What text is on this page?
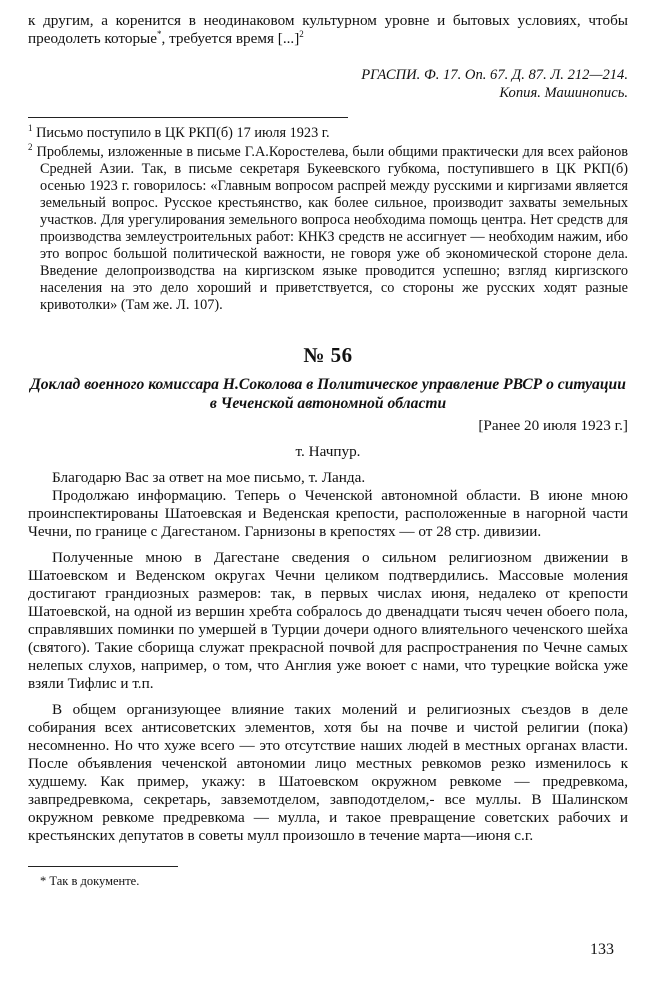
к другим, а коренится в неодинаковом культурном уровне и бытовых условиях, чтобы преодолеть которые*, требуется время [...]$^2$
РГАСПИ. Ф. 17. Оп. 67. Д. 87. Л. 212—214.
Копия. Машинопись.

$^1$ Письмо поступило в ЦК РКП(б) 17 июля 1923 г.

$^2$ Проблемы, изложенные в письме Г.А.Коростелева, были общими практически для всех районов Средней Азии. Так, в письме секретаря Букеевского губкома, поступившего в ЦК РКП(б) осенью 1923 г. говорилось: «Главным вопросом распрей между русскими и киргизами является земельный вопрос. Русское крестьянство, как более сильное, производит захваты земельных участков. Для урегулирования земельного вопроса необходима помощь центра. Нет средств для производства землеустроительных работ: КНКЗ средств не ассигнует — необходим нажим, ибо это вопрос большой политической важности, не говоря уже об экономической стороне дела. Введение делопроизводства на киргизском языке проводится успешно; взгляд киргизского населения на это дело хороший и приветствуется, со стороны же русских ходят разные кривотолки» (Там же. Л. 107).

№ 56
Доклад военного комиссара Н.Соколова в Политическое управление РВСР о ситуации в Чеченской автономной области
[Ранее 20 июля 1923 г.]
т. Начпур.

Благодарю Вас за ответ на мое письмо, т. Ланда.

Продолжаю информацию. Теперь о Чеченской автономной области. В июне мною проинспектированы Шатоевская и Веденская крепости, расположенные в нагорной части Чечни, по границе с Дагестаном. Гарнизоны в крепостях — от 28 стр. дивизии.

Полученные мною в Дагестане сведения о сильном религиозном движении в Шатоевском и Веденском округах Чечни целиком подтвердились. Массовые моления достигают грандиозных размеров: так, в первых числах июня, недалеко от крепости Шатоевской, на одной из вершин хребта собралось до двенадцати тысяч чечен обоего пола, справлявших поминки по умершей в Турции дочери одного влиятельного чеченского шейха (святого). Такие сборища служат прекрасной почвой для распространения по Чечне самых нелепых слухов, например, о том, что Англия уже воюет с нами, что турецкие войска уже взяли Тифлис и т.п.

В общем организующее влияние таких молений и религиозных съездов в деле собирания всех антисоветских элементов, хотя бы на почве и чистой религии (пока) несомненно. Но что хуже всего — это отсутствие наших людей в местных органах власти. После объявления чеченской автономии лицо местных ревкомов резко изменилось к худшему. Как пример, укажу: в Шатоевском окружном ревкоме — предревкома, завпредревкома, секретарь, завземотделом, завподотделом,- все муллы. В Шалинском окружном ревкоме предревкома — мулла, и такое превращение советских рабочих и крестьянских депутатов в советы мулл произошло в течение марта—июня с.г.

* Так в документе.
133
